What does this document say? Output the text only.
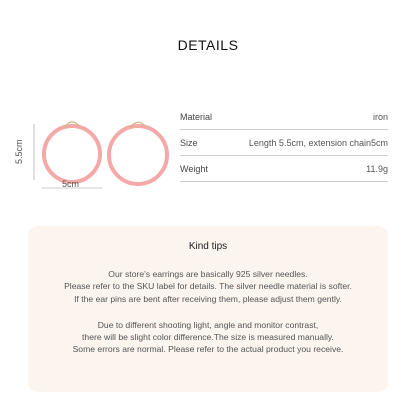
DETAILS
5.5cm
5cm
Material	iron
Size	Length 5.5cm, extension chain5cm
Weight	11.9g
Kind tips
Our store's earrings are basically 925 silver needles.
Please refer to the SKU label for details. The silver needle material is softer.
If the ear pins are bent after receiving them, please adjust them gently.
Due to different shooting light, angle and monitor contrast,
there will be slight color difference.The size is measured manually.
Some errors are normal. Please refer to the actual product you receive.
